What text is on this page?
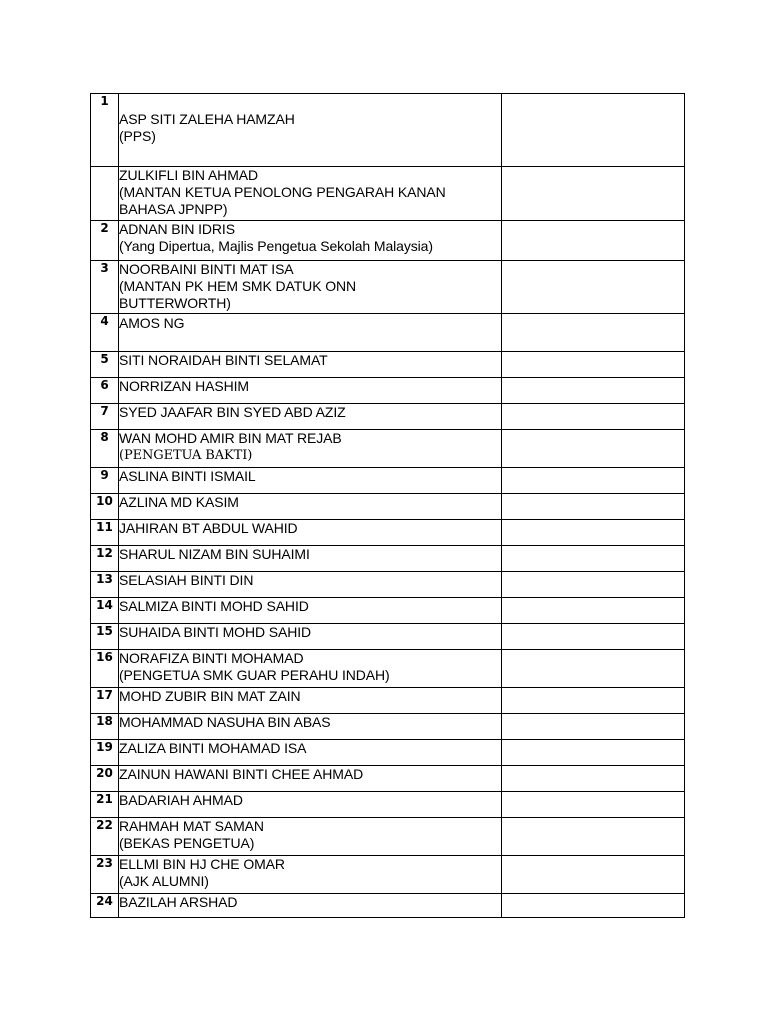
1	ASP SITI ZALEHA HAMZAH
(PPS)	

	ZULKIFLI BIN AHMAD
(MANTAN KETUA PENOLONG PENGARAH KANAN
BAHASA JPNPP)	

2	ADNAN BIN IDRIS
(Yang Dipertua, Majlis Pengetua Sekolah Malaysia)	

3	NOORBAINI BINTI MAT ISA
(MANTAN PK HEM SMK DATUK ONN
BUTTERWORTH)	

4	AMOS NG	

5	SITI NORAIDAH BINTI SELAMAT	

6	NORRIZAN HASHIM	

7	SYED JAAFAR BIN SYED ABD AZIZ	

8	WAN MOHD AMIR BIN MAT REJAB
(PENGETUA BAKTI)	

9	ASLINA BINTI ISMAIL	

10	AZLINA MD KASIM	

11	JAHIRAN BT ABDUL WAHID	

12	SHARUL NIZAM BIN SUHAIMI	

13	SELASIAH BINTI DIN	

14	SALMIZA BINTI MOHD SAHID	

15	SUHAIDA BINTI MOHD SAHID	

16	NORAFIZA BINTI MOHAMAD
(PENGETUA SMK GUAR PERAHU INDAH)	

17	MOHD ZUBIR BIN MAT ZAIN	

18	MOHAMMAD NASUHA BIN ABAS	

19	ZALIZA BINTI MOHAMAD ISA	

20	ZAINUN HAWANI BINTI CHEE AHMAD	

21	BADARIAH AHMAD	

22	RAHMAH MAT SAMAN
(BEKAS PENGETUA)	

23	ELLMI BIN HJ CHE OMAR
(AJK ALUMNI)	

24	BAZILAH ARSHAD	
